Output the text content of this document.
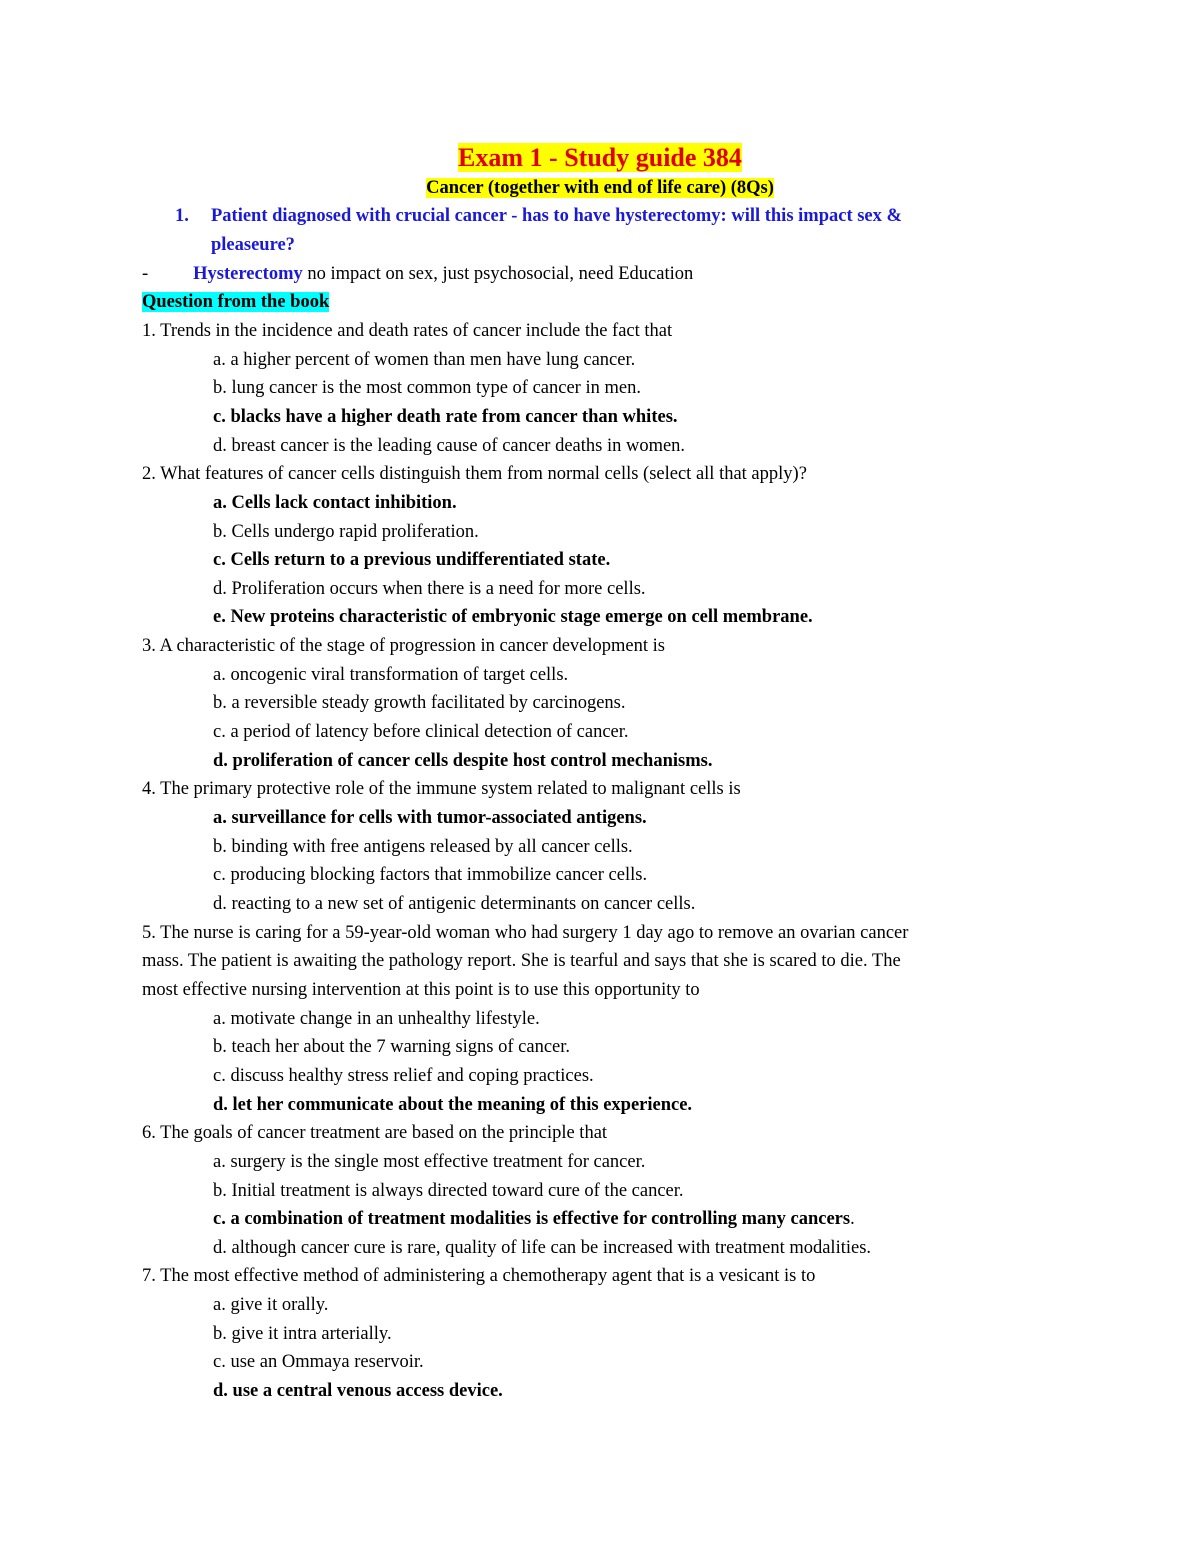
Exam 1 - Study guide 384
Cancer (together with end of life care) (8Qs)
1. Patient diagnosed with crucial cancer - has to have hysterectomy: will this impact sex &
pleaseure?
- Hysterectomy no impact on sex, just psychosocial, need Education
Question from the book
1. Trends in the incidence and death rates of cancer include the fact that
a. a higher percent of women than men have lung cancer.
b. lung cancer is the most common type of cancer in men.
c. blacks have a higher death rate from cancer than whites.
d. breast cancer is the leading cause of cancer deaths in women.
2. What features of cancer cells distinguish them from normal cells (select all that apply)?
a. Cells lack contact inhibition.
b. Cells undergo rapid proliferation.
c. Cells return to a previous undifferentiated state.
d. Proliferation occurs when there is a need for more cells.
e. New proteins characteristic of embryonic stage emerge on cell membrane.
3. A characteristic of the stage of progression in cancer development is
a. oncogenic viral transformation of target cells.
b. a reversible steady growth facilitated by carcinogens.
c. a period of latency before clinical detection of cancer.
d. proliferation of cancer cells despite host control mechanisms.
4. The primary protective role of the immune system related to malignant cells is
a. surveillance for cells with tumor-associated antigens.
b. binding with free antigens released by all cancer cells.
c. producing blocking factors that immobilize cancer cells.
d. reacting to a new set of antigenic determinants on cancer cells.
5. The nurse is caring for a 59-year-old woman who had surgery 1 day ago to remove an ovarian cancer
mass. The patient is awaiting the pathology report. She is tearful and says that she is scared to die. The
most effective nursing intervention at this point is to use this opportunity to
a. motivate change in an unhealthy lifestyle.
b. teach her about the 7 warning signs of cancer.
c. discuss healthy stress relief and coping practices.
d. let her communicate about the meaning of this experience.
6. The goals of cancer treatment are based on the principle that
a. surgery is the single most effective treatment for cancer.
b. Initial treatment is always directed toward cure of the cancer.
c. a combination of treatment modalities is effective for controlling many cancers.
d. although cancer cure is rare, quality of life can be increased with treatment modalities.
7. The most effective method of administering a chemotherapy agent that is a vesicant is to
a. give it orally.
b. give it intra arterially.
c. use an Ommaya reservoir.
d. use a central venous access device.
